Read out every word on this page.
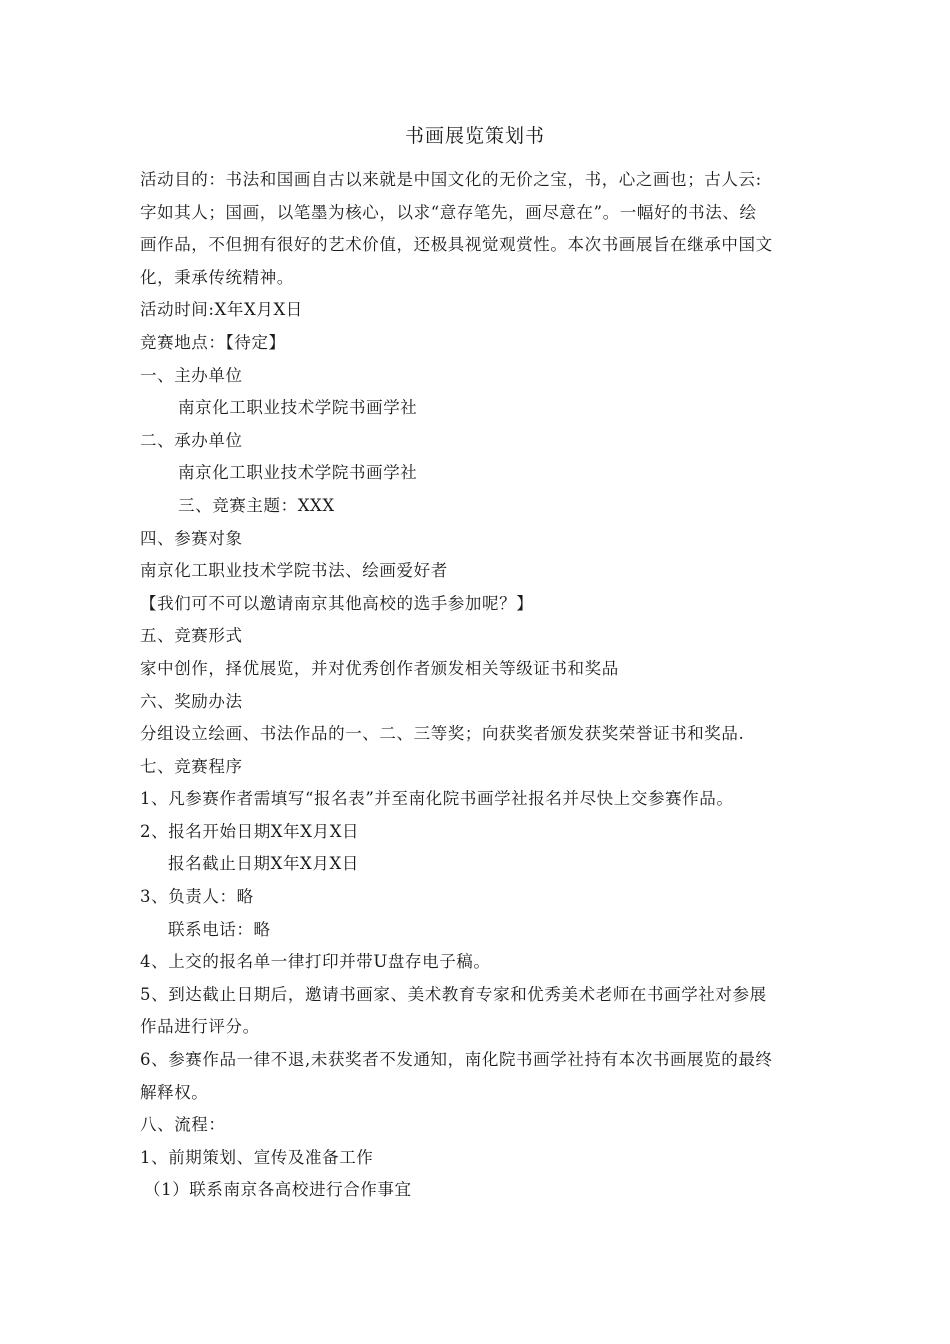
书画展览策划书
活动目的：书法和国画自古以来就是中国文化的无价之宝，书，心之画也；古人云:
字如其人；国画，以笔墨为核心，以求“意存笔先，画尽意在”。一幅好的书法、绘
画作品，不但拥有很好的艺术价值，还极具视觉观赏性。本次书画展旨在继承中国文
化，秉承传统精神。
活动时间:X年X月X日
竞赛地点：【待定】
一、主办单位
南京化工职业技术学院书画学社
二、承办单位
南京化工职业技术学院书画学社
三、竞赛主题：XXX
四、参赛对象
南京化工职业技术学院书法、绘画爱好者
【我们可不可以邀请南京其他高校的选手参加呢？】
五、竞赛形式
家中创作，择优展览，并对优秀创作者颁发相关等级证书和奖品
六、奖励办法
分组设立绘画、书法作品的一、二、三等奖；向获奖者颁发获奖荣誉证书和奖品.
七、竞赛程序
1、凡参赛作者需填写“报名表”并至南化院书画学社报名并尽快上交参赛作品。
2、报名开始日期X年X月X日
报名截止日期X年X月X日
3、负责人：略
联系电话：略
4、上交的报名单一律打印并带U盘存电子稿。
5、到达截止日期后，邀请书画家、美术教育专家和优秀美术老师在书画学社对参展
作品进行评分。
6、参赛作品一律不退,未获奖者不发通知，南化院书画学社持有本次书画展览的最终
解释权。
八、流程：
1、前期策划、宣传及准备工作
（1）联系南京各高校进行合作事宜
